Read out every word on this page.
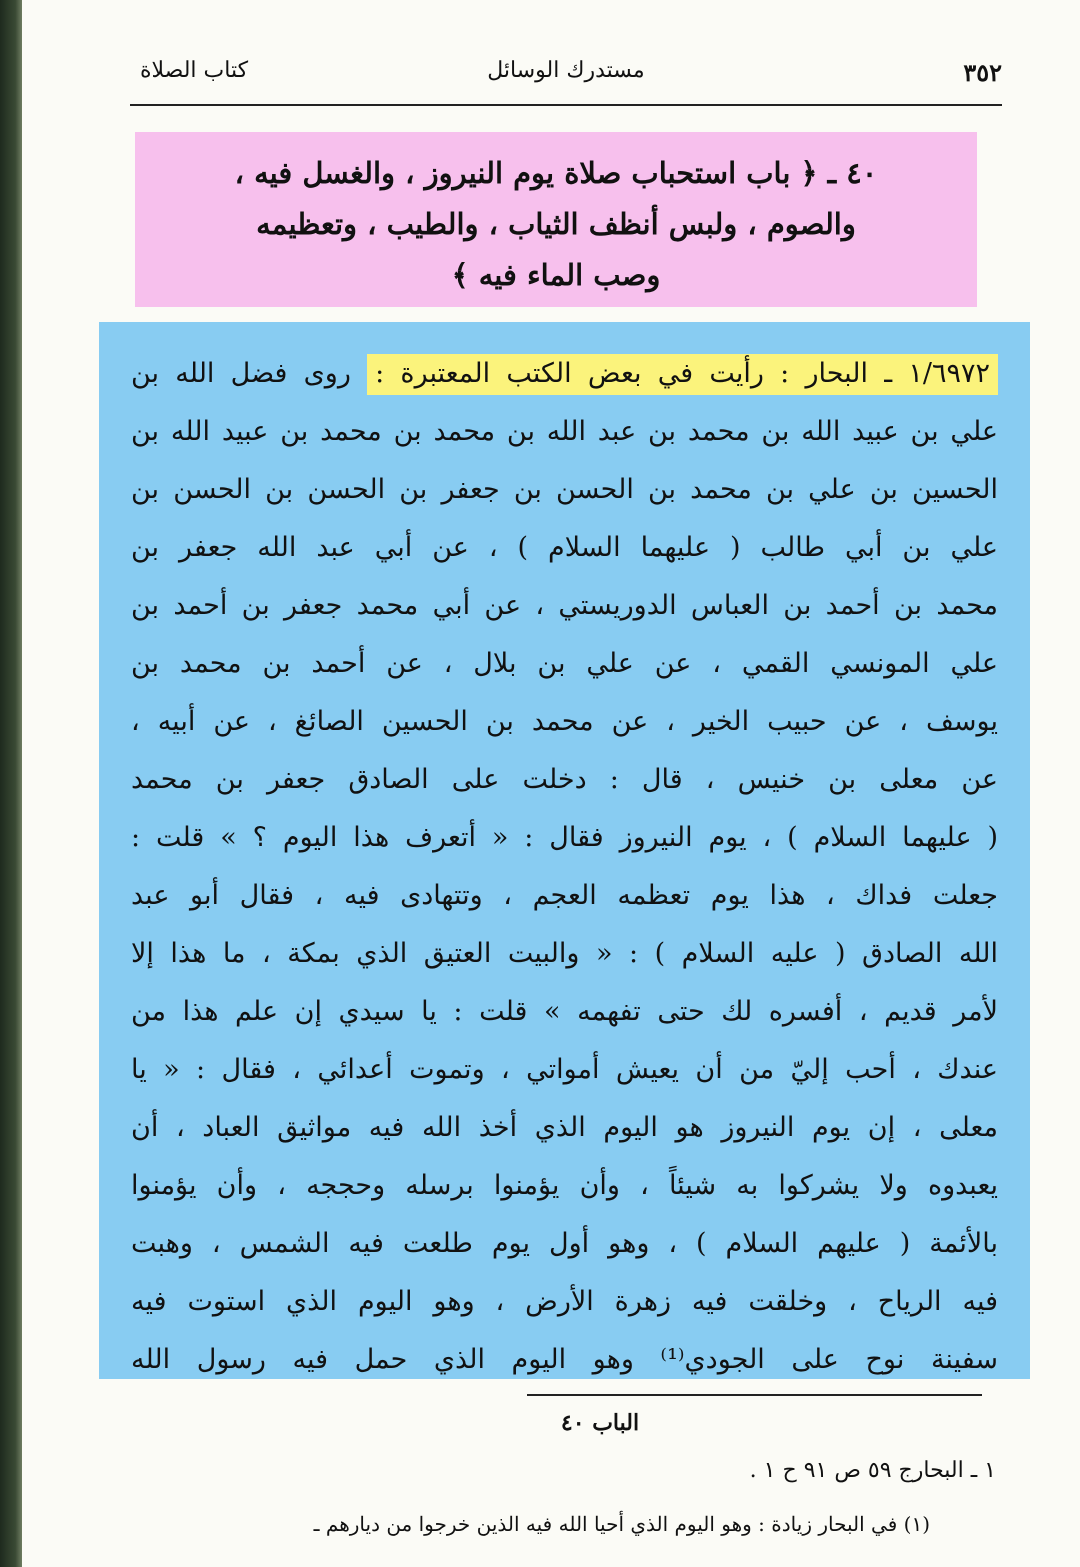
٣٥٢
مستدرك الوسائل
كتاب الصلاة

٤٠ ـ ﴿ باب استحباب صلاة يوم النيروز ، والغسل فيه ،
والصوم ، ولبس أنظف الثياب ، والطيب ، وتعظيمه
وصب الماء فيه ﴾

١/٦٩٧٢ ـ البحار : رأيت في بعض الكتب المعتبرة : روى فضل الله بن
علي بن عبيد الله بن محمد بن عبد الله بن محمد بن محمد بن عبيد الله بن
الحسين بن علي بن محمد بن الحسن بن جعفر بن الحسن بن الحسن بن
علي بن أبي طالب ( عليهما السلام ) ، عن أبي عبد الله جعفر بن
محمد بن أحمد بن العباس الدوريستي ، عن أبي محمد جعفر بن أحمد بن
علي المونسي القمي ، عن علي بن بلال ، عن أحمد بن محمد بن
يوسف ، عن حبيب الخير ، عن محمد بن الحسين الصائغ ، عن أبيه ،
عن معلى بن خنيس ، قال : دخلت على الصادق جعفر بن محمد
( عليهما السلام ) ، يوم النيروز فقال : « أتعرف هذا اليوم ؟ » قلت :
جعلت فداك ، هذا يوم تعظمه العجم ، وتتهادى فيه ، فقال أبو عبد
الله الصادق ( عليه السلام ) : « والبيت العتيق الذي بمكة ، ما هذا إلا
لأمر قديم ، أفسره لك حتى تفهمه » قلت : يا سيدي إن علم هذا من
عندك ، أحب إليّ من أن يعيش أمواتي ، وتموت أعدائي ، فقال : « يا
معلى ، إن يوم النيروز هو اليوم الذي أخذ الله فيه مواثيق العباد ، أن
يعبدوه ولا يشركوا به شيئاً ، وأن يؤمنوا برسله وحججه ، وأن يؤمنوا
بالأئمة ( عليهم السلام ) ، وهو أول يوم طلعت فيه الشمس ، وهبت
فيه الرياح ، وخلقت فيه زهرة الأرض ، وهو اليوم الذي استوت فيه
سفينة نوح على الجودي⁽¹⁾ وهو اليوم الذي حمل فيه رسول الله

الباب ٤٠
١ ـ البحارج ٥٩ ص ٩١ ح ١ .
(١) في البحار زيادة : وهو اليوم الذي أحيا الله فيه الذين خرجوا من ديارهم ـ
